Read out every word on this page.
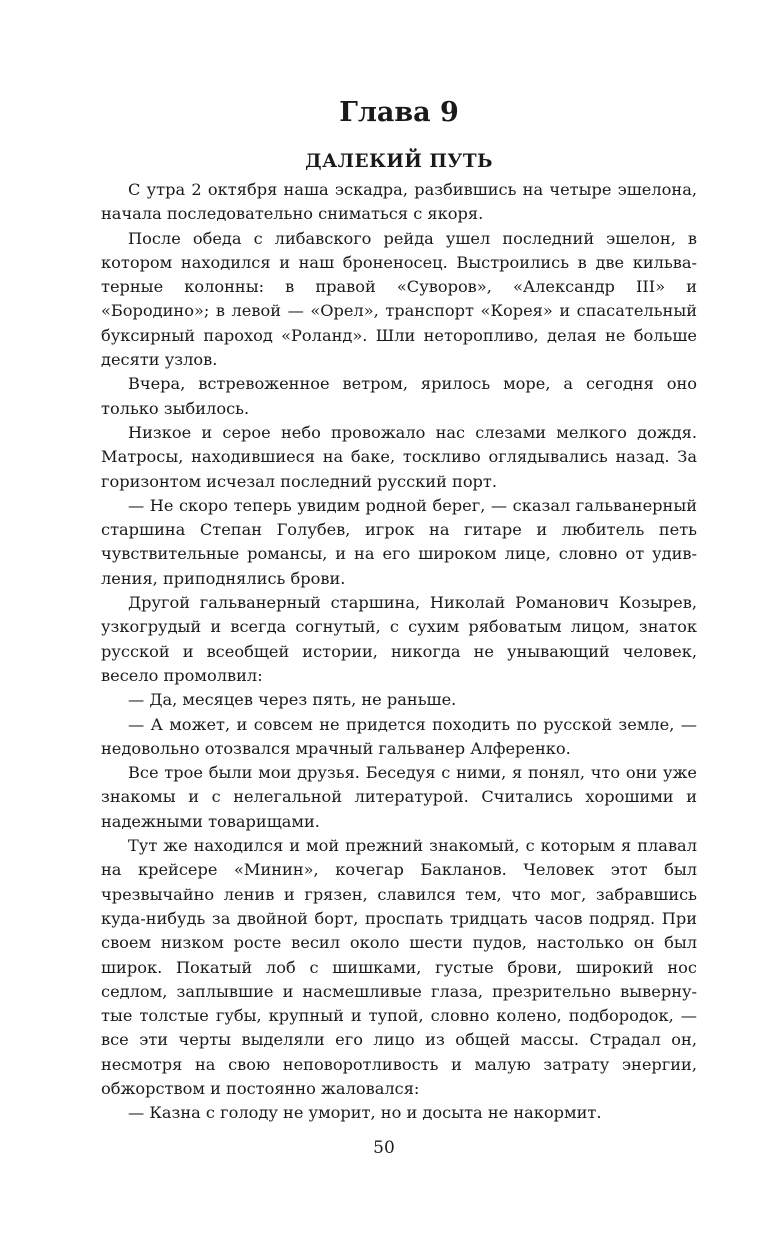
Глава 9
ДАЛЕКИЙ ПУТЬ

С утра 2 октября наша эскадра, разбившись на четыре эшелона, начала последовательно сниматься с якоря.

После обеда с либавского рейда ушел последний эшелон, в котором находился и наш броненосец. Выстроились в две кильватерные колонны: в правой «Суворов», «Александр III» и «Бородино»; в левой — «Орел», транспорт «Корея» и спасательный буксирный пароход «Роланд». Шли неторопливо, делая не больше десяти узлов.

Вчера, встревоженное ветром, ярилось море, а сегодня оно только зыбилось.

Низкое и серое небо провожало нас слезами мелкого дождя. Матросы, находившиеся на баке, тоскливо оглядывались назад. За горизонтом исчезал последний русский порт.

— Не скоро теперь увидим родной берег, — сказал гальванерный старшина Степан Голубев, игрок на гитаре и любитель петь чувствительные романсы, и на его широком лице, словно от удивления, приподнялись брови.

Другой гальванерный старшина, Николай Романович Козырев, узкогрудый и всегда согнутый, с сухим рябоватым лицом, знаток русской и всеобщей истории, никогда не унывающий человек, весело промолвил:

— Да, месяцев через пять, не раньше.

— А может, и совсем не придется походить по русской земле, — недовольно отозвался мрачный гальванер Алференко.

Все трое были мои друзья. Беседуя с ними, я понял, что они уже знакомы и с нелегальной литературой. Считались хорошими и надежными товарищами.

Тут же находился и мой прежний знакомый, с которым я плавал на крейсере «Минин», кочегар Бакланов. Человек этот был чрезвычайно ленив и грязен, славился тем, что мог, забравшись куда-нибудь за двойной борт, проспать тридцать часов подряд. При своем низком росте весил около шести пудов, настолько он был широк. Покатый лоб с шишками, густые брови, широкий нос седлом, заплывшие и насмешливые глаза, презрительно вывернутые толстые губы, крупный и тупой, словно колено, подбородок, — все эти черты выделяли его лицо из общей массы. Страдал он, несмотря на свою неповоротливость и малую затрату энергии, обжорством и постоянно жаловался:

— Казна с голоду не уморит, но и досыта не накормит.

50
